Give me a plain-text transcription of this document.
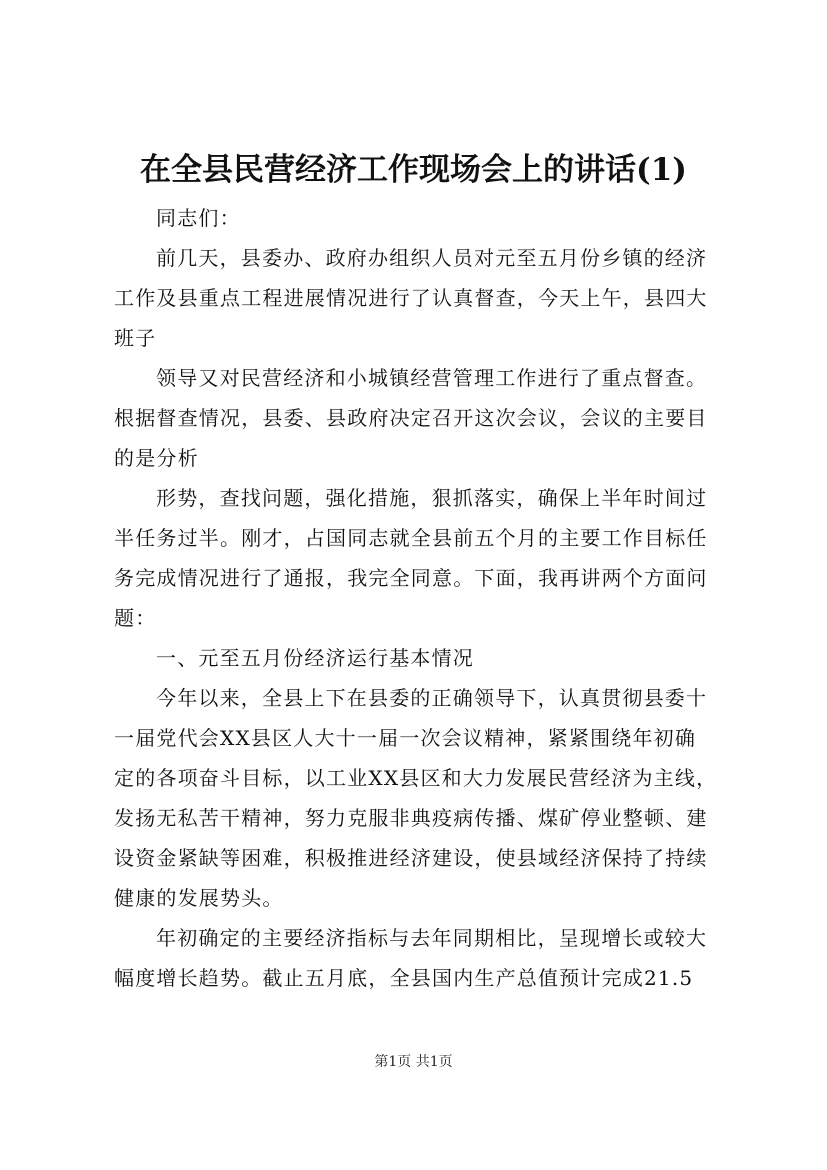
在全县民营经济工作现场会上的讲话(1)
同志们：
前几天，县委办、政府办组织人员对元至五月份乡镇的经济
工作及县重点工程进展情况进行了认真督查，今天上午，县四大
班子
领导又对民营经济和小城镇经营管理工作进行了重点督查。
根据督查情况，县委、县政府决定召开这次会议，会议的主要目
的是分析
形势，查找问题，强化措施，狠抓落实，确保上半年时间过
半任务过半。刚才，占国同志就全县前五个月的主要工作目标任
务完成情况进行了通报，我完全同意。下面，我再讲两个方面问
题：
一、元至五月份经济运行基本情况
今年以来，全县上下在县委的正确领导下，认真贯彻县委十
一届党代会XX县区人大十一届一次会议精神，紧紧围绕年初确
定的各项奋斗目标，以工业XX县区和大力发展民营经济为主线，
发扬无私苦干精神，努力克服非典疫病传播、煤矿停业整顿、建
设资金紧缺等困难，积极推进经济建设，使县域经济保持了持续
健康的发展势头。
年初确定的主要经济指标与去年同期相比，呈现增长或较大
幅度增长趋势。截止五月底，全县国内生产总值预计完成21.5
第1页 共1页
